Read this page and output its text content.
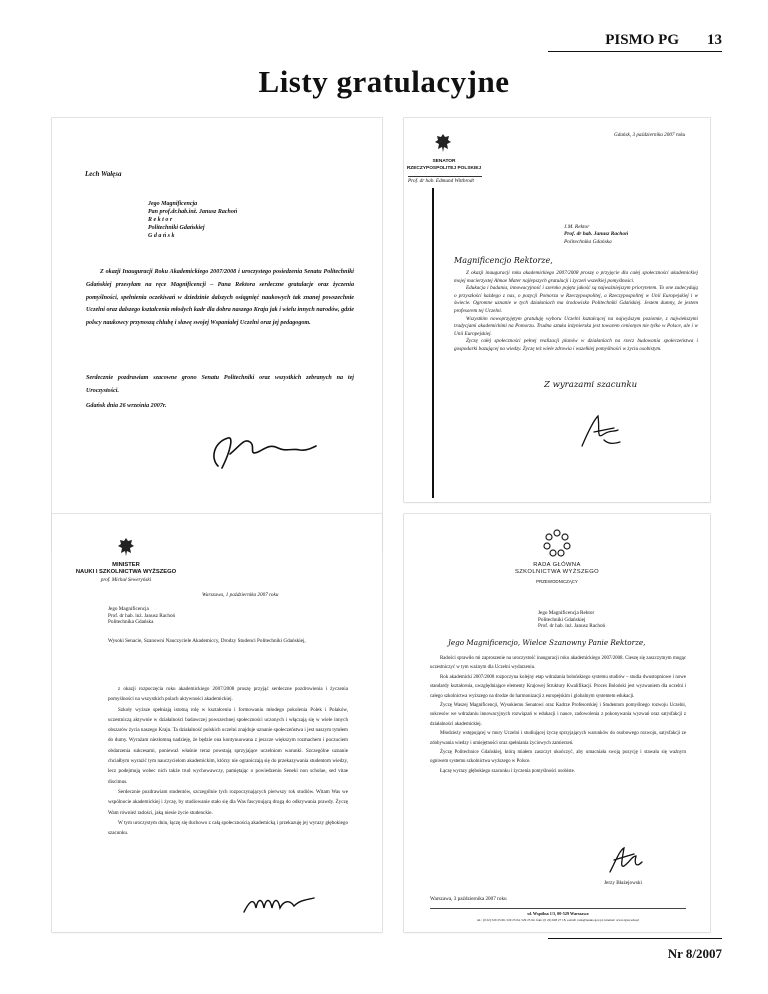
PISMO PG 13
Listy gratulacyjne
Lech Wałęsa
Jego Magnificencja
Pan prof.dr.hab.inż. Janusz Rachoń
R e k t o r
Politechniki Gdańskiej
G d a ń s k
Z okazji Inauguracji Roku Akademickiego 2007/2008 i uroczystego posiedzenia Senatu Politechniki Gdańskiej przesyłam na ręce Magnificencji – Pana Rektora serdeczne gratulacje oraz życzenia pomyślności, spełnienia oczekiwań w dziedzinie dalszych osiągnięć naukowych tak znanej powszechnie Uczelni oraz dalszego kształcenia młodych kadr dla dobra naszego Kraju jak i wielu innych narodów, gdzie polscy naukowcy przynoszą chlubę i sławę swojej Wspaniałej Uczelni oraz jej pedagogom.
Serdecznie pozdrawiam szacowne grono Senatu Politechniki oraz wszystkich zebranych na tej Uroczystości.
Gdańsk dnia 26 września 2007r.
Gdańsk, 3 października 2007 roku
SENATOR
RZECZYPOSPOLITEJ POLSKIEJ
Prof. dr hab. Edmund Wittbrodt
J.M. Rektor
Prof. dr hab. Janusz Rachoń
Politechnika Gdańska
Magnificencjo Rektorze,
Z okazji inauguracji roku akademickiego 2007/2008 proszę o przyjęcie dla całej społeczności akademickiej mojej macierzystej Almae Mater najlepszych gratulacji i życzeń wszelkiej pomyślności.
Edukacja i badania, innowacyjność i szeroko pojęta jakość są najważniejszym priorytetem. To one zadecydują o przyszłości każdego z nas, o pozycji Pomorza w Rzeczypospolitej, a Rzeczypospolitej w Unii Europejskiej i w świecie. Ogromne uznanie w tych działaniach ma środowisko Politechniki Gdańskiej. Jestem dumny, że jestem profesorem tej Uczelni.
Wszystkim nowoprzyjętym gratuluję wyboru Uczelni kształcącej na najwyższym poziomie, z najwiekszymi tradycjami akademickimi na Pomorzu. Trudna sztuka inżynierska jest towarem cenionym nie tylko w Polsce, ale i w Unii Europejskiej.
Życzę całej społeczności pełnej realizacji planów w działaniach na rzecz budowania społeczeństwa i gospodarki bazującej na wiedzy. Życzę też wiele zdrowia i wszelkiej pomyślności w życiu osobistym.
Z wyrazami szacunku
MINISTER
NAUKI I SZKOLNICTWA WYŻSZEGO
prof. Michał Seweryński
Warszawa, 1 października 2007 roku
Jego Magnificencja
Prof. dr hab. inż. Janusz Rachoń
Politechnika Gdańska
Wysoki Senacie, Szanowni Nauczyciele Akademiccy, Drodzy Studenci Politechniki Gdańskiej,
z okazji rozpoczęcia roku akademickiego 2007/2008 proszę przyjąć serdeczne pozdrowienia i życzenia pomyślności na wszystkich polach aktywności akademickiej.
Szkoły wyższe spełniają istotną rolę w kształceniu i formowaniu młodego pokolenia Polek i Polaków, uczestniczą aktywnie w działalności badawczej powszechnej społeczności uczonych i włączają się w wiele innych obszarów życia naszego Kraju. Ta działalność polskich uczelni znajduje uznanie społeczeństwa i jest naszym tytułem do dumy. Wyrażam niezłomną nadzieję, że będzie ona kontynuowana z jeszcze większym rozmachem i poczuciem obdarzenia sukcesami, ponieważ właśnie teraz powstają sprzyjające uczelniom warunki. Szczególne uznanie chciałbym wyrazić tym nauczycielom akademickim, którzy nie ograniczają się do przekazywania studentom wiedzy, lecz podejmują wobec nich także trud wychowawczy, pamiętając o powiedzeniu Seneki non scholae, sed vitae discimus.
Serdecznie pozdrawiam studentów, szczególnie tych rozpoczynających pierwszy rok studiów. Witam Was we wspólnocie akademickiej i życzę, by studiowanie stało się dla Was fascynującą drogą do odkrywania prawdy. Życzę Wam również radości, jaką niesie życie studenckie.
W tym uroczystym dniu, łączę się duchowo z całą społecznością akademicką i przekazuję jej wyrazy głębokiego szacunku.
RADA GŁÓWNA
SZKOLNICTWA WYŻSZEGO
PRZEWODNICZĄCY
Jego Magnificencja Rektor
Politechniki Gdańskiej
Prof. dr hab. inż. Janusz Rachoń
Jego Magnificencjo, Wielce Szanowny Panie Rektorze,
Radości sprawiło mi zaproszenie na uroczystość inauguracji roku akademickiego 2007/2008. Cieszę się zaszczytnym mogąc uczestniczyć w tym ważnym dla Uczelni wydarzeniu.
Rok akademicki 2007/2008 rozpoczyna kolejny etap wdrażania bolońskiego systemu studiów – studia dwustopniowe i nowe standardy kształcenia, uwzględniające elementy Krajowej Struktury Kwalifikacji. Proces Boloński jest wyzwaniem dla uczelni i całego szkolnictwa wyższego na drodze do harmonizacji z europejskim i globalnym systemem edukacji.
Życzę Waszej Magnificencji, Wysokiemu Senatowi oraz Kadrze Profesorskiej i Studentom pomyślnego rozwoju Uczelni, sukcesów we wdrażaniu innowacyjnych rozwiązań w edukacji i nauce, zadowolenia z pokonywania wyzwań oraz satysfakcji z działalności akademickiej.
Młodzieży wstępującej w mury Uczelni i studiującej życzę sprzyjających warunków do osobowego rozwoju, satysfakcji ze zdobywania wiedzy i umiejętności oraz spełniania życiowych zamierzeń.
Życzę Politechnice Gdańskiej, którą miałem zaszczyt ukończyć, aby umacniała swoją pozycję i stawała się ważnym ogniwem systemu szkolnictwa wyższego w Polsce.
Łączę wyrazy głębokiego szacunku i życzenia pomyślności osobiste.
Jerzy Błażejowski
Warszawa, 3 października 2007 roku
ul. Wspólna 1/3, 00-529 Warszawa
tel.: (0 22) 529 25 66, 529 25 64, 529 25 62, faks: (0 22) 628 27 18, e-mail: rada@nauka.gov.pl, internet: www.rgsw.edu.pl
Nr 8/2007
